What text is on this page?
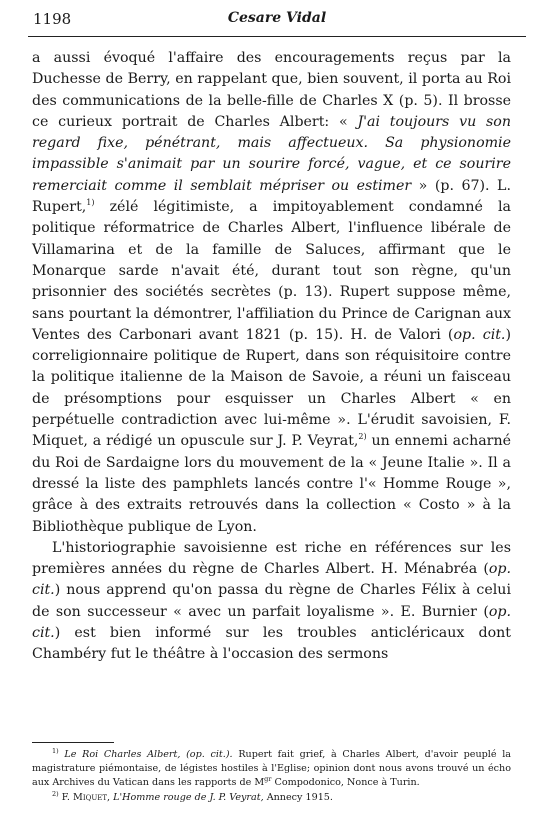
1198	Cesare Vidal

a aussi évoqué l'affaire des encouragements reçus par la Duchesse de Berry, en rappelant que, bien souvent, il porta au Roi des communications de la belle-fille de Charles X (p. 5). Il brosse ce curieux portrait de Charles Albert: « J'ai toujours vu son regard fixe, pénétrant, mais affectueux. Sa physionomie impassible s'animait par un sourire forcé, vague, et ce sourire remerciait comme il semblait mépriser ou estimer » (p. 67). L. Rupert,$^{1)}$ zélé légitimiste, a impitoyablement condamné la politique réformatrice de Charles Albert, l'influence libérale de Villamarina et de la famille de Saluces, affirmant que le Monarque sarde n'avait été, durant tout son règne, qu'un prisonnier des sociétés secrètes (p. 13). Rupert suppose même, sans pourtant la démontrer, l'affiliation du Prince de Carignan aux Ventes des Carbonari avant 1821 (p. 15). H. de Valori (op. cit.) correligionnaire politique de Rupert, dans son réquisitoire contre la politique italienne de la Maison de Savoie, a réuni un faisceau de présomptions pour esquisser un Charles Albert « en perpétuelle contradiction avec lui-même ». L'érudit savoisien, F. Miquet, a rédigé un opuscule sur J. P. Veyrat,$^{2)}$ un ennemi acharné du Roi de Sardaigne lors du mouvement de la « Jeune Italie ». Il a dressé la liste des pamphlets lancés contre l'« Homme Rouge », grâce à des extraits retrouvés dans la collection « Costo » à la Bibliothèque publique de Lyon.

L'historiographie savoisienne est riche en références sur les premières années du règne de Charles Albert. H. Ménabréa (op. cit.) nous apprend qu'on passa du règne de Charles Félix à celui de son successeur « avec un parfait loyalisme ». E. Burnier (op. cit.) est bien informé sur les troubles anticléricaux dont Chambéry fut le théâtre à l'occasion des sermons

$^{1)}$ Le Roi Charles Albert, (op. cit.). Rupert fait grief, à Charles Albert, d'avoir peuplé la magistrature piémontaise, de légistes hostiles à l'Eglise; opinion dont nous avons trouvé un écho aux Archives du Vatican dans les rapports de $M^{gr}$ Compodonico, Nonce à Turin.

$^{2)}$ F. Miquet, L'Homme rouge de J. P. Veyrat, Annecy 1915.
